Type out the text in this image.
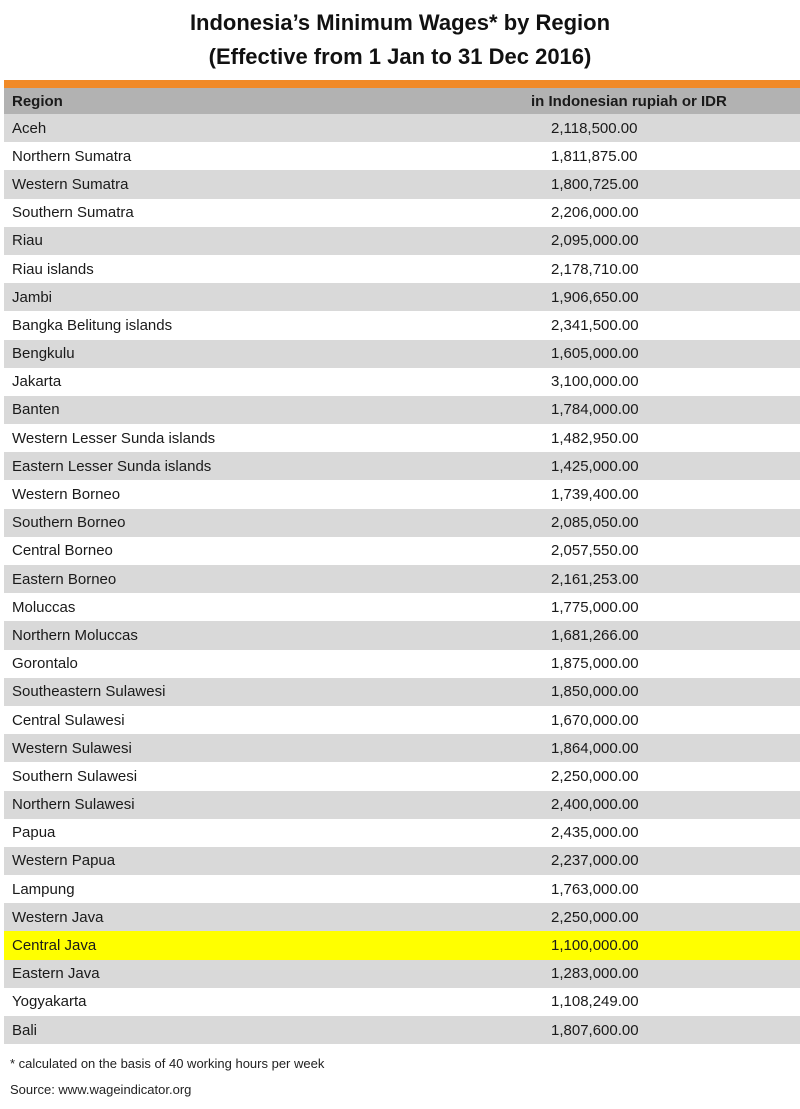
Indonesia’s Minimum Wages* by Region
(Effective from 1 Jan to 31 Dec 2016)
Region	in Indonesian rupiah or IDR
Aceh	2,118,500.00
Northern Sumatra	1,811,875.00
Western Sumatra	1,800,725.00
Southern Sumatra	2,206,000.00
Riau	2,095,000.00
Riau islands	2,178,710.00
Jambi	1,906,650.00
Bangka Belitung islands	2,341,500.00
Bengkulu	1,605,000.00
Jakarta	3,100,000.00
Banten	1,784,000.00
Western Lesser Sunda islands	1,482,950.00
Eastern Lesser Sunda islands	1,425,000.00
Western Borneo	1,739,400.00
Southern Borneo	2,085,050.00
Central Borneo	2,057,550.00
Eastern Borneo	2,161,253.00
Moluccas	1,775,000.00
Northern Moluccas	1,681,266.00
Gorontalo	1,875,000.00
Southeastern Sulawesi	1,850,000.00
Central Sulawesi	1,670,000.00
Western Sulawesi	1,864,000.00
Southern Sulawesi	2,250,000.00
Northern Sulawesi	2,400,000.00
Papua	2,435,000.00
Western Papua	2,237,000.00
Lampung	1,763,000.00
Western Java	2,250,000.00
Central Java	1,100,000.00
Eastern Java	1,283,000.00
Yogyakarta	1,108,249.00
Bali	1,807,600.00
* calculated on the basis of 40 working hours per week
Source: www.wageindicator.org
